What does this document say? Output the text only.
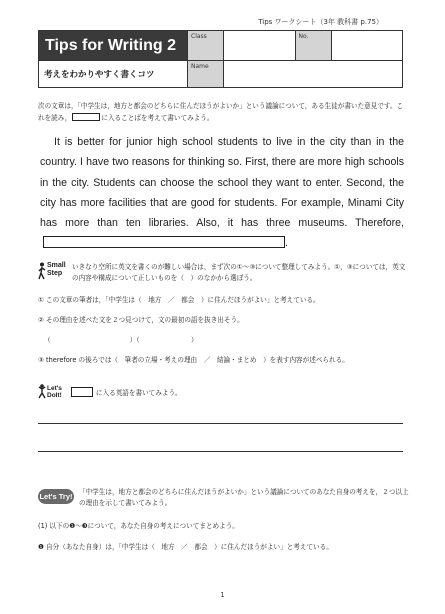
Tips ワークシート（3年 教科書 p.75）
Tips for Writing 2
考えをわかりやすく書くコツ
Class	No.
Name
次の文章は，「中学生は，地方と都会のどちらに住んだほうがよいか」という議論について，ある生徒が書いた意見です。これを読み，	に入ることばを考えて書いてみよう。
It is better for junior high school students to live in the city than in the country. I have two reasons for thinking so. First, there are more high schools in the city. Students can choose the school they want to enter. Second, the city has more facilities that are good for students. For example, Minami City has more than ten libraries. Also, it has three museums. Therefore,.
Small
Step
いきなり空所に英文を書くのが難しい場合は，まず次の①〜③について整理してみよう。①，③については，英文の内容や構成について正しいものを（　）のなかから選ぼう。
① この文章の筆者は，「中学生は（　地方　／　都会　）に住んだほうがよい」と考えている。
② その理由を述べた文を２つ見つけて，文の最初の語を抜き出そう。
（　　　　　　　　　　　　）（	）
③ therefore の後ろでは（　筆者の立場・考えの理由　／　結論・まとめ　）を表す内容が述べられる。
Let's
DoIt!	に入る英語を書いてみよう。
Let's Try! 「中学生は，地方と都会のどちらに住んだほうがよいか」という議論についてのあなた自身の考えを，２つ以上の理由を示して書いてみよう。
(1) 以下の❶〜❸について，あなた自身の考えについてまとめよう。
❶ 自分（あなた自身）は，「中学生は（　地方　／　都会　）に住んだほうがよい」と考えている。
1
